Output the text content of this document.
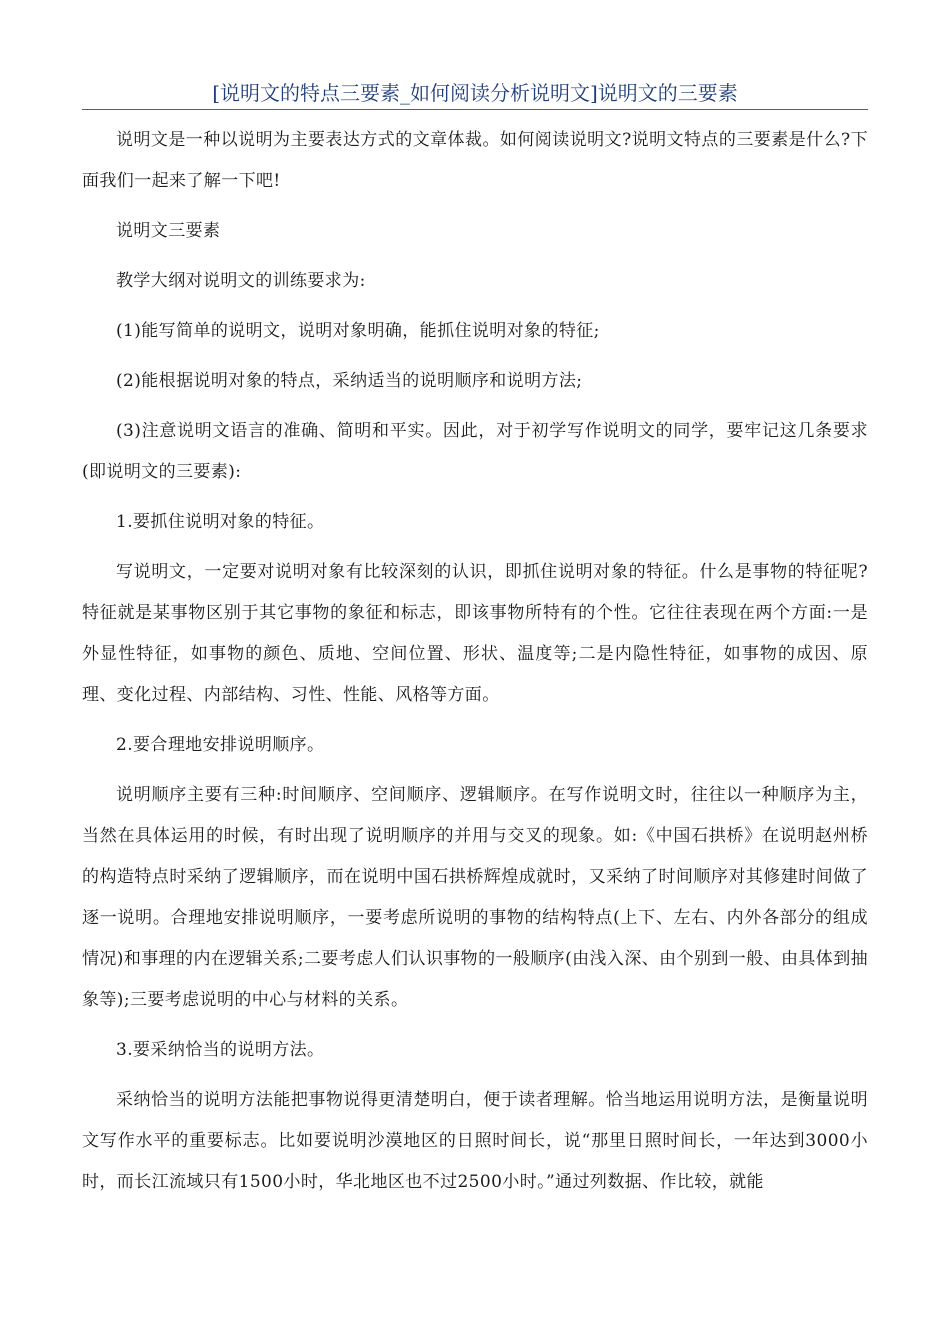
[说明文的特点三要素_如何阅读分析说明文]说明文的三要素

说明文是一种以说明为主要表达方式的文章体裁。如何阅读说明文?说明文特点的三要素是什么?下面我们一起来了解一下吧!

说明文三要素

教学大纲对说明文的训练要求为:

(1)能写简单的说明文，说明对象明确，能抓住说明对象的特征;

(2)能根据说明对象的特点，采纳适当的说明顺序和说明方法;

(3)注意说明文语言的准确、简明和平实。因此，对于初学写作说明文的同学，要牢记这几条要求(即说明文的三要素):

1.要抓住说明对象的特征。

写说明文，一定要对说明对象有比较深刻的认识，即抓住说明对象的特征。什么是事物的特征呢?特征就是某事物区别于其它事物的象征和标志，即该事物所特有的个性。它往往表现在两个方面:一是外显性特征，如事物的颜色、质地、空间位置、形状、温度等;二是内隐性特征，如事物的成因、原理、变化过程、内部结构、习性、性能、风格等方面。

2.要合理地安排说明顺序。

说明顺序主要有三种:时间顺序、空间顺序、逻辑顺序。在写作说明文时，往往以一种顺序为主，当然在具体运用的时候，有时出现了说明顺序的并用与交叉的现象。如:《中国石拱桥》在说明赵州桥的构造特点时采纳了逻辑顺序，而在说明中国石拱桥辉煌成就时，又采纳了时间顺序对其修建时间做了逐一说明。合理地安排说明顺序，一要考虑所说明的事物的结构特点(上下、左右、内外各部分的组成情况)和事理的内在逻辑关系;二要考虑人们认识事物的一般顺序(由浅入深、由个别到一般、由具体到抽象等);三要考虑说明的中心与材料的关系。

3.要采纳恰当的说明方法。

采纳恰当的说明方法能把事物说得更清楚明白，便于读者理解。恰当地运用说明方法，是衡量说明文写作水平的重要标志。比如要说明沙漠地区的日照时间长，说“那里日照时间长，一年达到3000小时，而长江流域只有1500小时，华北地区也不过2500小时。”通过列数据、作比较，就能
